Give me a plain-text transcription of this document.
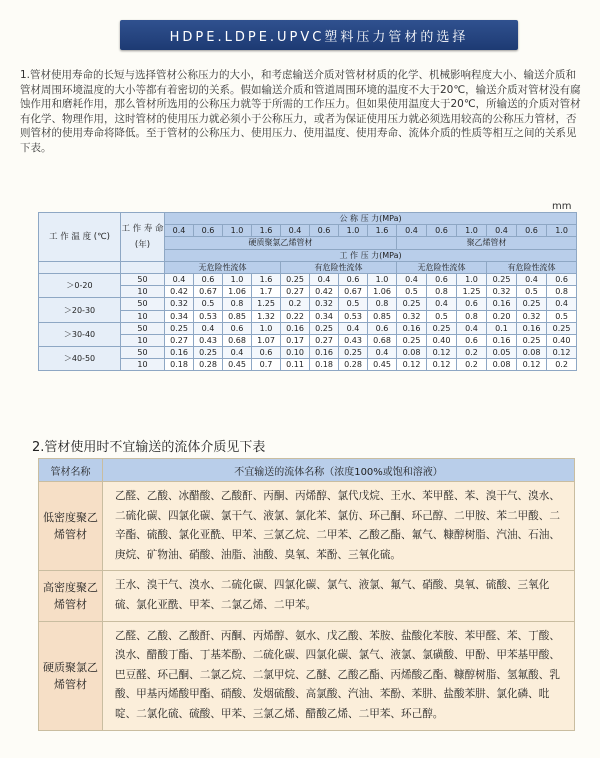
HDPE.LDPE.UPVC塑料压力管材的选择
1.管材使用寿命的长短与选择管材公称压力的大小，和考虑输送介质对管材材质的化学、机械影响程度大小、输送介质和管材周围环境温度的大小等都有着密切的关系。假如输送介质和管道周围环境的温度不大于20℃，输送介质对管材没有腐蚀作用和磨耗作用，那么管材所选用的公称压力就等于所需的工作压力。但如果使用温度大于20℃，所输送的介质对管材有化学、物理作用，这时管材的使用压力就必须小于公称压力，或者为保证使用压力就必须选用较高的公称压力管材，否则管材的使用寿命将降低。至于管材的公称压力、使用压力、使用温度、使用寿命、流体介质的性质等相互之间的关系见下表。
mm
工 作 温 度 (℃)	工 作 寿 命 (年)	公 称 压 力(MPa)													
		0.4	0.6	1.0	1.6	0.4	0.6	1.0	1.6	0.4	0.6	1.0	0.4	0.6	1.0
		硬质聚氯乙烯管材								聚乙烯管材					
		工 作 压 力(MPa)													
		无危险性流体				有危险性流体				无危险性流体			有危险性流体		
＞0-20	50	0.4	0.6	1.0	1.6	0.25	0.4	0.6	1.0	0.4	0.6	1.0	0.25	0.4	0.6
	10	0.42	0.67	1.06	1.7	0.27	0.42	0.67	1.06	0.5	0.8	1.25	0.32	0.5	0.8
＞20-30	50	0.32	0.5	0.8	1.25	0.2	0.32	0.5	0.8	0.25	0.4	0.6	0.16	0.25	0.4
	10	0.34	0.53	0.85	1.32	0.22	0.34	0.53	0.85	0.32	0.5	0.8	0.20	0.32	0.5
＞30-40	50	0.25	0.4	0.6	1.0	0.16	0.25	0.4	0.6	0.16	0.25	0.4	0.1	0.16	0.25
	10	0.27	0.43	0.68	1.07	0.17	0.27	0.43	0.68	0.25	0.40	0.6	0.16	0.25	0.40
＞40-50	50	0.16	0.25	0.4	0.6	0.10	0.16	0.25	0.4	0.08	0.12	0.2	0.05	0.08	0.12
	10	0.18	0.28	0.45	0.7	0.11	0.18	0.28	0.45	0.12	0.12	0.2	0.08	0.12	0.2
2.管材使用时不宜输送的流体介质见下表
管材名称	不宜输送的流体名称（浓度100%或饱和溶液）
低密度聚乙烯管材	乙醛、乙酸、冰醋酸、乙酸酐、丙酮、丙烯醇、氯代戊烷、王水、苯甲醛、苯、溴干气、溴水、二硫化碳、四氯化碳、氯干气、液氯、氯化苯、氯仿、环己酮、环己醇、二甲胺、苯二甲酸、二辛酯、硫酸、氯化亚酰、甲苯、三氯乙烷、二甲苯、乙酸乙酯、氟气、糠醇树脂、汽油、石油、庚烷、矿物油、硝酸、油脂、油酸、臭氧、苯酚、三氧化硫。
高密度聚乙烯管材	王水、溴干气、溴水、二硫化碳、四氯化碳、氯气、液氯、氟气、硝酸、臭氧、硫酸、三氧化硫、氯化亚酰、甲苯、二氯乙烯、二甲苯。
硬质聚氯乙烯管材	乙醛、乙酸、乙酸酐、丙酮、丙烯醇、氨水、戊乙酸、苯胺、盐酸化苯胺、苯甲醛、苯、丁酸、溴水、醋酸丁酯、丁基苯酚、二硫化碳、四氯化碳、氯气、液氯、氯磺酸、甲酚、甲苯基甲酸、巴豆醛、环己酮、二氯乙烷、二氯甲烷、乙醚、乙酸乙酯、丙烯酸乙酯、糠醇树脂、氢氟酸、乳酸、甲基丙烯酸甲酯、硝酸、发烟硫酸、高氯酸、汽油、苯酚、苯肼、盐酸苯肼、氯化磷、吡啶、二氯化硫、硫酸、甲苯、三氯乙烯、醋酸乙烯、二甲苯、环己醇。
